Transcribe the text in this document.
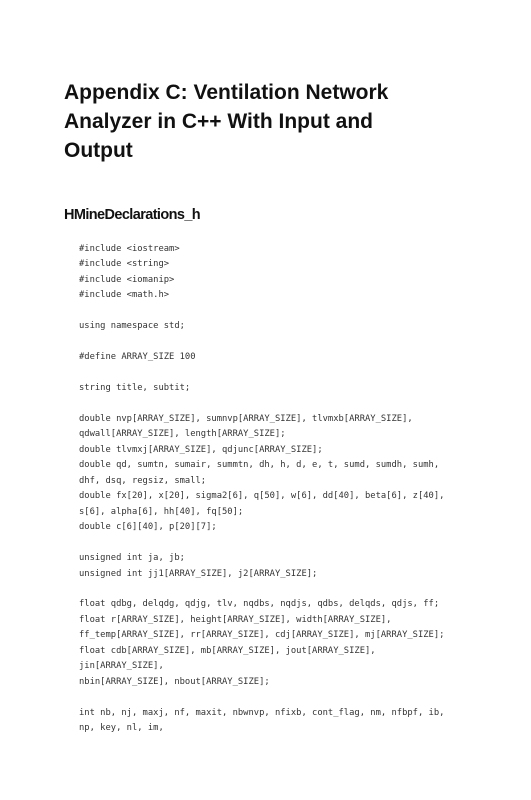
Appendix C: Ventilation Network
Analyzer in C++ With Input and
Output
HMineDeclarations_h
#include <iostream>
#include <string>
#include <iomanip>
#include <math.h>

using namespace std;

#define ARRAY_SIZE 100

string title, subtit;

double nvp[ARRAY_SIZE], sumnvp[ARRAY_SIZE], tlvmxb[ARRAY_SIZE],
qdwall[ARRAY_SIZE], length[ARRAY_SIZE];
double tlvmxj[ARRAY_SIZE], qdjunc[ARRAY_SIZE];
double qd, sumtn, sumair, summtn, dh, h, d, e, t, sumd, sumdh, sumh,
dhf, dsq, regsiz, small;
double fx[20], x[20], sigma2[6], q[50], w[6], dd[40], beta[6], z[40],
s[6], alpha[6], hh[40], fq[50];
double c[6][40], p[20][7];

unsigned int ja, jb;
unsigned int jj1[ARRAY_SIZE], j2[ARRAY_SIZE];

float qdbg, delqdg, qdjg, tlv, nqdbs, nqdjs, qdbs, delqds, qdjs, ff;
float r[ARRAY_SIZE], height[ARRAY_SIZE], width[ARRAY_SIZE],
ff_temp[ARRAY_SIZE], rr[ARRAY_SIZE], cdj[ARRAY_SIZE], mj[ARRAY_SIZE];
float cdb[ARRAY_SIZE], mb[ARRAY_SIZE], jout[ARRAY_SIZE],
jin[ARRAY_SIZE],
nbin[ARRAY_SIZE], nbout[ARRAY_SIZE];

int nb, nj, maxj, nf, maxit, nbwnvp, nfixb, cont_flag, nm, nfbpf, ib,
np, key, nl, im,
